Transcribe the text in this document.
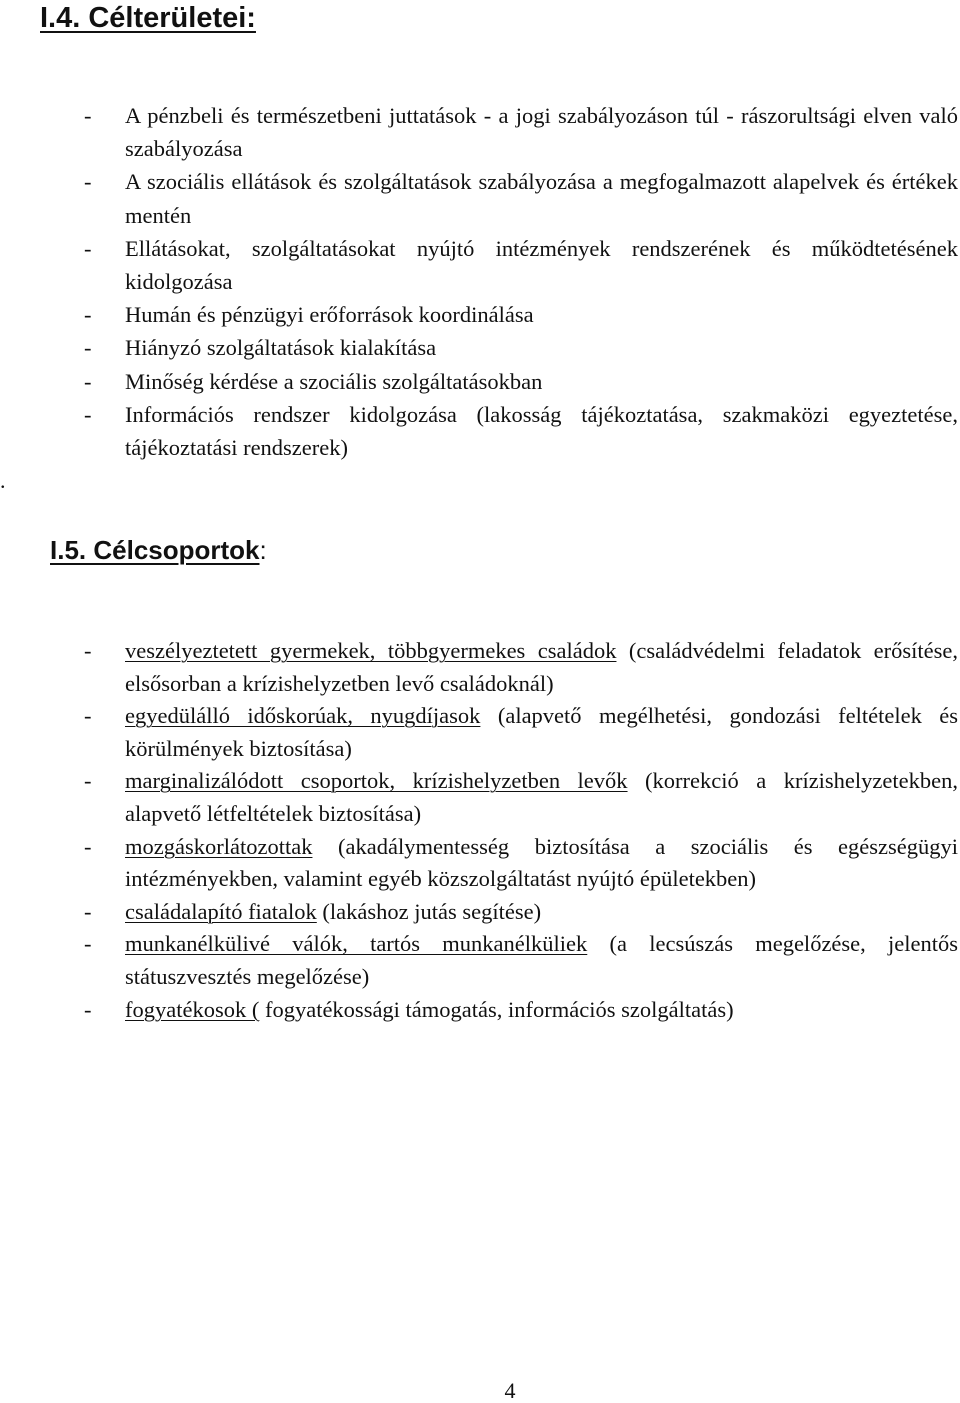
I.4. Célterületei:
- A pénzbeli és természetbeni juttatások - a jogi szabályozáson túl - rászorultsági elven való szabályozása
- A szociális ellátások és szolgáltatások szabályozása a megfogalmazott alapelvek és értékek mentén
- Ellátásokat, szolgáltatásokat nyújtó intézmények rendszerének és működtetésének kidolgozása
- Humán és pénzügyi erőforrások koordinálása
- Hiányzó szolgáltatások kialakítása
- Minőség kérdése a szociális szolgáltatásokban
- Információs rendszer kidolgozása (lakosság tájékoztatása, szakmaközi egyeztetése, tájékoztatási rendszerek)
.
I.5. Célcsoportok:
- veszélyeztetett gyermekek, többgyermekes családok (családvédelmi feladatok erősítése, elsősorban a krízishelyzetben levő családoknál)
- egyedülálló időskorúak, nyugdíjasok (alapvető megélhetési, gondozási feltételek és körülmények biztosítása)
- marginalizálódott csoportok, krízishelyzetben levők (korrekció a krízishelyzetekben, alapvető létfeltételek biztosítása)
- mozgáskorlátozottak (akadálymentesség biztosítása a szociális és egészségügyi intézményekben, valamint egyéb közszolgáltatást nyújtó épületekben)
- családalapító fiatalok (lakáshoz jutás segítése)
- munkanélkülivé válók, tartós munkanélküliek (a lecsúszás megelőzése, jelentős státuszvesztés megelőzése)
- fogyatékosok ( fogyatékossági támogatás, információs szolgáltatás)
4
